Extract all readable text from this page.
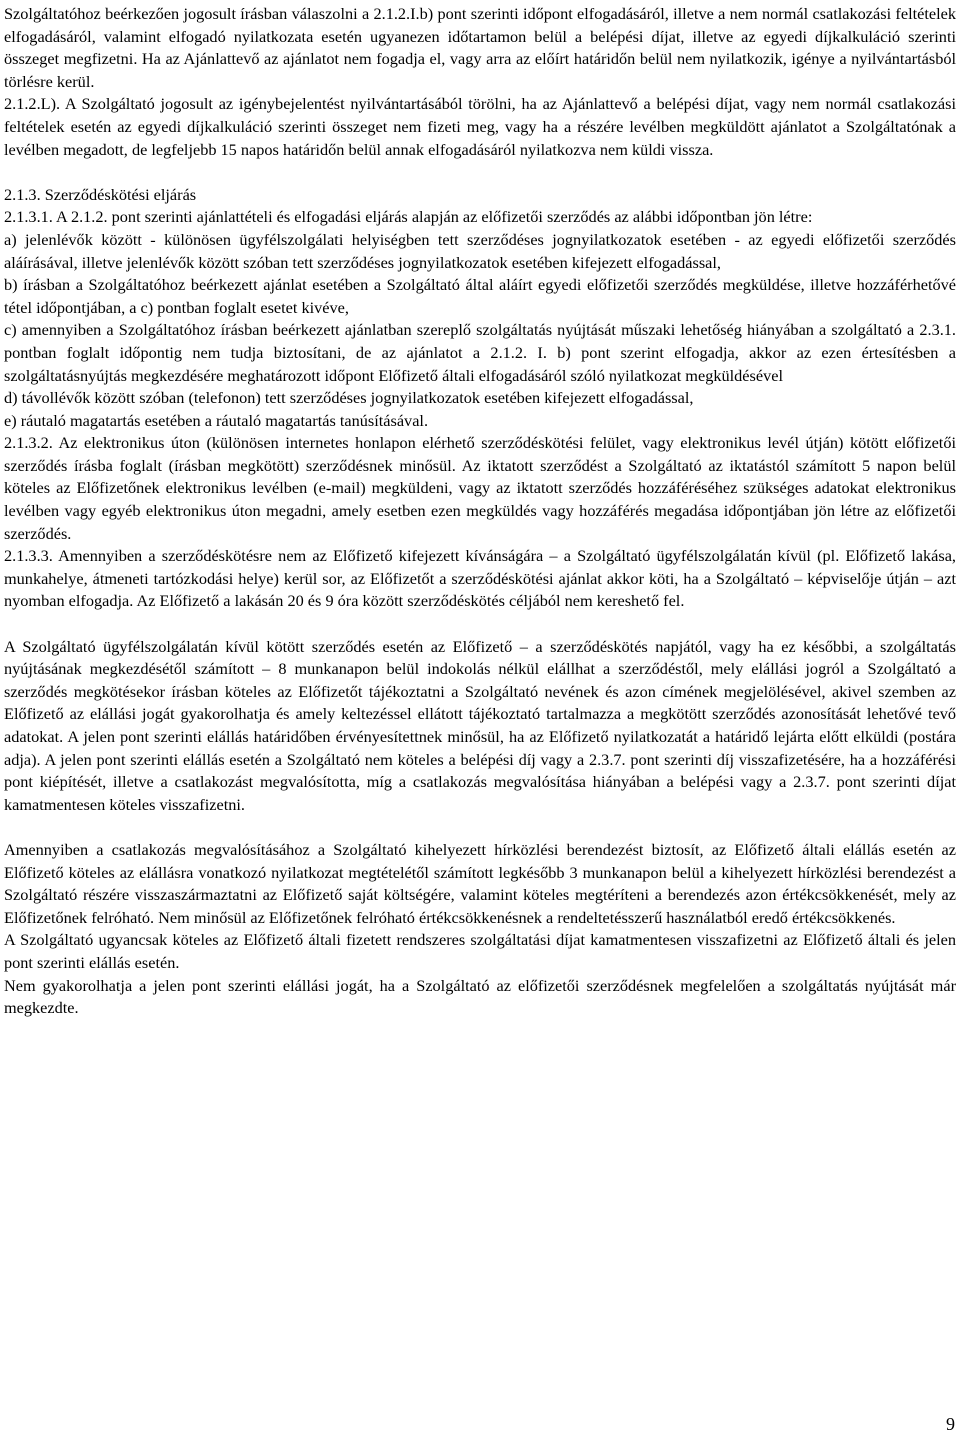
Szolgáltatóhoz beérkezően jogosult írásban válaszolni a 2.1.2.I.b) pont szerinti időpont elfogadásáról, illetve a nem normál csatlakozási feltételek elfogadásáról, valamint elfogadó nyilatkozata esetén ugyanezen időtartamon belül a belépési díjat, illetve az egyedi díjkalkuláció szerinti összeget megfizetni. Ha az Ajánlattevő az ajánlatot nem fogadja el, vagy arra az előírt határidőn belül nem nyilatkozik, igénye a nyilvántartásból törlésre kerül.

2.1.2.L). A Szolgáltató jogosult az igénybejelentést nyilvántartásából törölni, ha az Ajánlattevő a belépési díjat, vagy nem normál csatlakozási feltételek esetén az egyedi díjkalkuláció szerinti összeget nem fizeti meg, vagy ha a részére levélben megküldött ajánlatot a Szolgáltatónak a levélben megadott, de legfeljebb 15 napos határidőn belül annak elfogadásáról nyilatkozva nem küldi vissza.

2.1.3. Szerződéskötési eljárás

2.1.3.1. A 2.1.2. pont szerinti ajánlattételi és elfogadási eljárás alapján az előfizetői szerződés az alábbi időpontban jön létre:

a) jelenlévők között - különösen ügyfélszolgálati helyiségben tett szerződéses jognyilatkozatok esetében - az egyedi előfizetői szerződés aláírásával, illetve jelenlévők között szóban tett szerződéses jognyilatkozatok esetében kifejezett elfogadással,

b) írásban a Szolgáltatóhoz beérkezett ajánlat esetében a Szolgáltató által aláírt egyedi előfizetői szerződés megküldése, illetve hozzáférhetővé tétel időpontjában, a c) pontban foglalt esetet kivéve,

c) amennyiben a Szolgáltatóhoz írásban beérkezett ajánlatban szereplő szolgáltatás nyújtását műszaki lehetőség hiányában a szolgáltató a 2.3.1. pontban foglalt időpontig nem tudja biztosítani, de az ajánlatot a 2.1.2. I. b) pont szerint elfogadja, akkor az ezen értesítésben a szolgáltatásnyújtás megkezdésére meghatározott időpont Előfizető általi elfogadásáról szóló nyilatkozat megküldésével

d) távollévők között szóban (telefonon) tett szerződéses jognyilatkozatok esetében kifejezett elfogadással,

e) ráutaló magatartás esetében a ráutaló magatartás tanúsításával.

2.1.3.2. Az elektronikus úton (különösen internetes honlapon elérhető szerződéskötési felület, vagy elektronikus levél útján) kötött előfizetői szerződés írásba foglalt (írásban megkötött) szerződésnek minősül. Az iktatott szerződést a Szolgáltató az iktatástól számított 5 napon belül köteles az Előfizetőnek elektronikus levélben (e-mail) megküldeni, vagy az iktatott szerződés hozzáféréséhez szükséges adatokat elektronikus levélben vagy egyéb elektronikus úton megadni, amely esetben ezen megküldés vagy hozzáférés megadása időpontjában jön létre az előfizetői szerződés.

2.1.3.3. Amennyiben a szerződéskötésre nem az Előfizető kifejezett kívánságára – a Szolgáltató ügyfélszolgálatán kívül (pl. Előfizető lakása, munkahelye, átmeneti tartózkodási helye) kerül sor, az Előfizetőt a szerződéskötési ajánlat akkor köti, ha a Szolgáltató – képviselője útján – azt nyomban elfogadja. Az Előfizető a lakásán 20 és 9 óra között szerződéskötés céljából nem kereshető fel.

A Szolgáltató ügyfélszolgálatán kívül kötött szerződés esetén az Előfizető – a szerződéskötés napjától, vagy ha ez későbbi, a szolgáltatás nyújtásának megkezdésétől számított – 8 munkanapon belül indokolás nélkül elállhat a szerződéstől, mely elállási jogról a Szolgáltató a szerződés megkötésekor írásban köteles az Előfizetőt tájékoztatni a Szolgáltató nevének és azon címének megjelölésével, akivel szemben az Előfizető az elállási jogát gyakorolhatja és amely keltezéssel ellátott tájékoztató tartalmazza a megkötött szerződés azonosítását lehetővé tevő adatokat. A jelen pont szerinti elállás határidőben érvényesítettnek minősül, ha az Előfizető nyilatkozatát a határidő lejárta előtt elküldi (postára adja). A jelen pont szerinti elállás esetén a Szolgáltató nem köteles a belépési díj vagy a 2.3.7. pont szerinti díj visszafizetésére, ha a hozzáférési pont kiépítését, illetve a csatlakozást megvalósította, míg a csatlakozás megvalósítása hiányában a belépési vagy a 2.3.7. pont szerinti díjat kamatmentesen köteles visszafizetni.

Amennyiben a csatlakozás megvalósításához a Szolgáltató kihelyezett hírközlési berendezést biztosít, az Előfizető általi elállás esetén az Előfizető köteles az elállásra vonatkozó nyilatkozat megtételétől számított legkésőbb 3 munkanapon belül a kihelyezett hírközlési berendezést a Szolgáltató részére visszaszármaztatni az Előfizető saját költségére, valamint köteles megtéríteni a berendezés azon értékcsökkenését, mely az Előfizetőnek felróható. Nem minősül az Előfizetőnek felróható értékcsökkenésnek a rendeltetésszerű használatból eredő értékcsökkenés.

A Szolgáltató ugyancsak köteles az Előfizető általi fizetett rendszeres szolgáltatási díjat kamatmentesen visszafizetni az Előfizető általi és jelen pont szerinti elállás esetén.

Nem gyakorolhatja a jelen pont szerinti elállási jogát, ha a Szolgáltató az előfizetői szerződésnek megfelelően a szolgáltatás nyújtását már megkezdte.

9
